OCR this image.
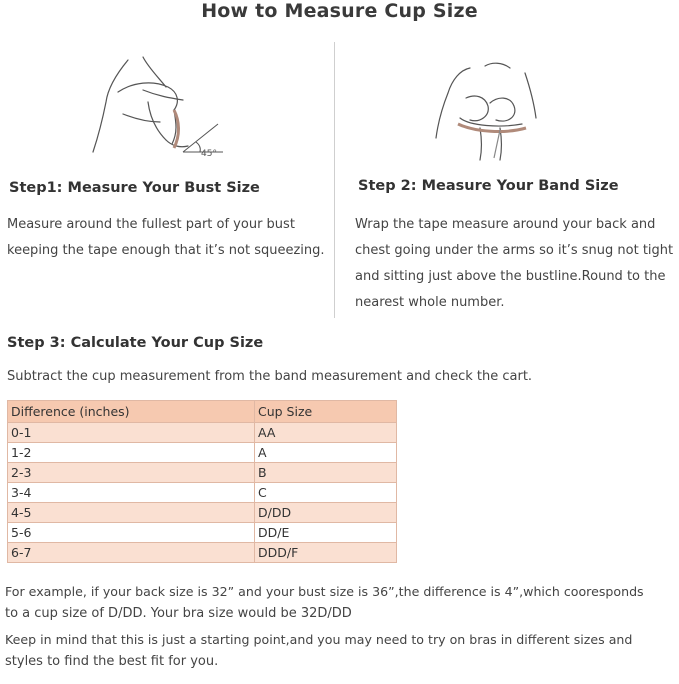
How to Measure Cup Size
45°
Step1: Measure Your Bust Size
Measure around the fullest part of your bust
keeping the tape enough that it’s not squeezing.
Step 2: Measure Your Band Size
Wrap the tape measure around your back and
chest going under the arms so it’s snug not tight
and sitting just above the bustline.Round to the
nearest whole number.
Step 3: Calculate Your Cup Size
Subtract the cup measurement from the band measurement and check the cart.
Difference (inches)	Cup Size
0-1	AA
1-2	A
2-3	B
3-4	C
4-5	D/DD
5-6	DD/E
6-7	DDD/F
For example, if your back size is 32” and your bust size is 36”,the difference is 4”,which cooresponds
to a cup size of D/DD. Your bra size would be 32D/DD
Keep in mind that this is just a starting point,and you may need to try on bras in different sizes and
styles to find the best fit for you.
